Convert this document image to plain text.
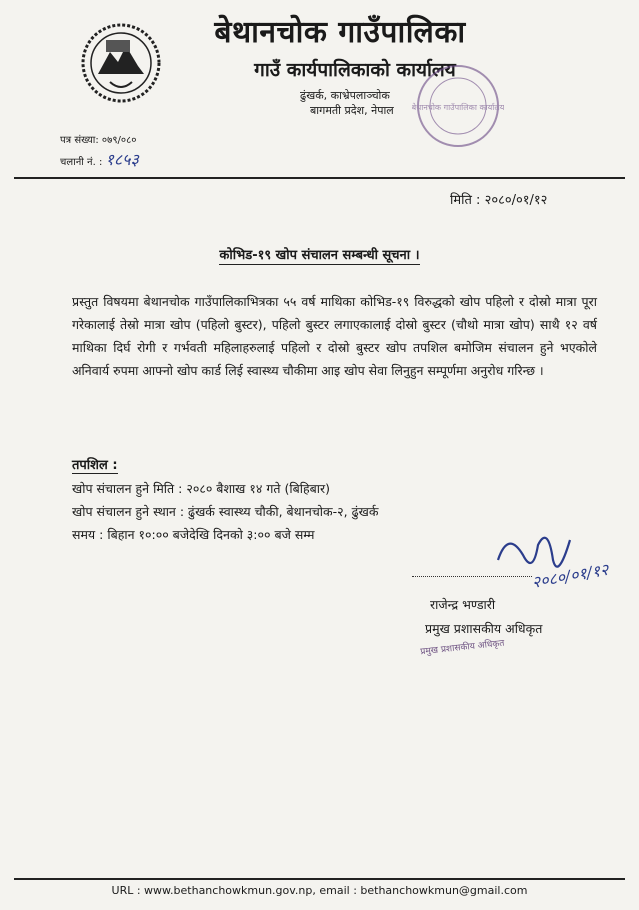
बेथानचोक गाउँपालिका
गाउँ कार्यपालिकाको कार्यालय
ढुंखर्क, काभ्रेपलाञ्चोक
बागमती प्रदेश, नेपाल बेथानचोक गाउँपालिका कार्यालय
पत्र संख्या: ०७९/०८०
चलानी नं. : १८५३
मिति : २०८०/०१/१२
कोभिड-१९ खोप संचालन सम्बन्धी सूचना ।
प्रस्तुत विषयमा बेथानचोक गाउँपालिकाभित्रका ५५ वर्ष माथिका कोभिड-१९ विरुद्धको खोप पहिलो र दोस्रो मात्रा पूरा गरेकालाई तेस्रो मात्रा खोप (पहिलो बुस्टर), पहिलो बुस्टर लगाएकालाई दोस्रो बुस्टर (चौथो मात्रा खोप) साथै १२ वर्ष माथिका दिर्घ रोगी र गर्भवती महिलाहरुलाई पहिलो र दोस्रो बुस्टर खोप तपशिल बमोजिम संचालन हुने भएकोले अनिवार्य रुपमा आफ्नो खोप कार्ड लिई स्वास्थ्य चौकीमा आइ खोप सेवा लिनुहुन सम्पूर्णमा अनुरोध गरिन्छ ।
तपशिल :
खोप संचालन हुने मिति : २०८० बैशाख १४ गते (बिहिबार)
खोप संचालन हुने स्थान : ढुंखर्क स्वास्थ्य चौकी, बेथानचोक-२, ढुंखर्क
समय : बिहान १०:०० बजेदेखि दिनको ३:०० बजे सम्म
२०८०/०१/१२
राजेन्द्र भण्डारी
प्रमुख प्रशासकीय अधिकृत
प्रमुख प्रशासकीय अधिकृत
URL : www.bethanchowkmun.gov.np, email : bethanchowkmun@gmail.com
